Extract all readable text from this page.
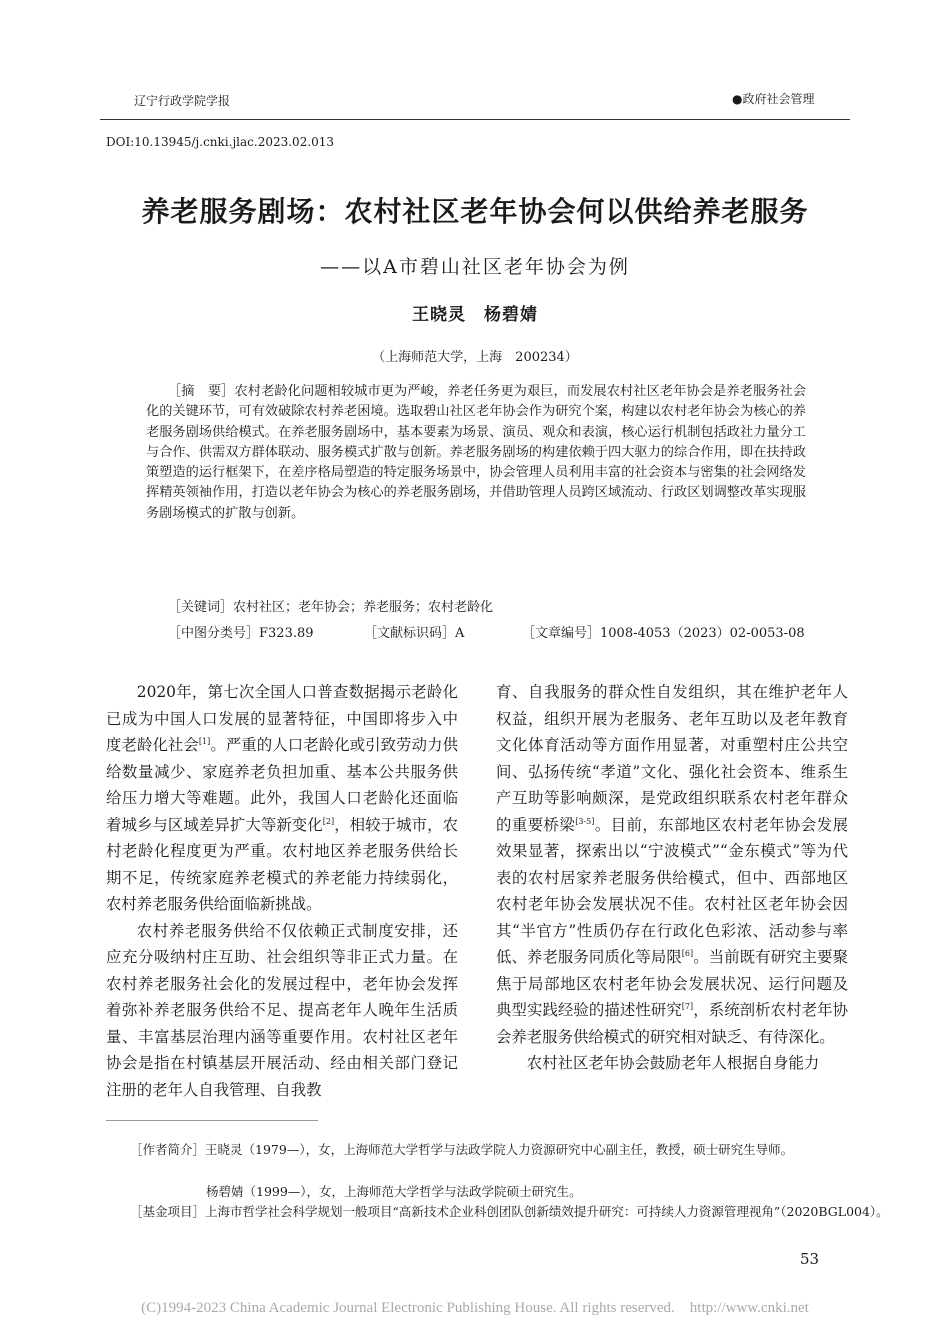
辽宁行政学院学报	●政府社会管理
DOI:10.13945/j.cnki.jlac.2023.02.013
养老服务剧场：农村社区老年协会何以供给养老服务
——以A市碧山社区老年协会为例
王晓灵　杨碧婧
（上海师范大学，上海　200234）
［摘　要］农村老龄化问题相较城市更为严峻，养老任务更为艰巨，而发展农村社区老年协会是养老服务社会化的关键环节，可有效破除农村养老困境。选取碧山社区老年协会作为研究个案，构建以农村老年协会为核心的养老服务剧场供给模式。在养老服务剧场中，基本要素为场景、演员、观众和表演，核心运行机制包括政社力量分工与合作、供需双方群体联动、服务模式扩散与创新。养老服务剧场的构建依赖于四大驱力的综合作用，即在扶持政策塑造的运行框架下，在差序格局塑造的特定服务场景中，协会管理人员利用丰富的社会资本与密集的社会网络发挥精英领袖作用，打造以老年协会为核心的养老服务剧场，并借助管理人员跨区域流动、行政区划调整改革实现服务剧场模式的扩散与创新。
［关键词］农村社区；老年协会；养老服务；农村老龄化
［中图分类号］F323.89	［文献标识码］A	［文章编号］1008-4053（2023）02-0053-08

2020年，第七次全国人口普查数据揭示老龄化已成为中国人口发展的显著特征，中国即将步入中度老龄化社会[1]。严重的人口老龄化或引致劳动力供给数量减少、家庭养老负担加重、基本公共服务供给压力增大等难题。此外，我国人口老龄化还面临着城乡与区域差异扩大等新变化[2]，相较于城市，农村老龄化程度更为严重。农村地区养老服务供给长期不足，传统家庭养老模式的养老能力持续弱化，农村养老服务供给面临新挑战。

农村养老服务供给不仅依赖正式制度安排，还应充分吸纳村庄互助、社会组织等非正式力量。在农村养老服务社会化的发展过程中，老年协会发挥着弥补养老服务供给不足、提高老年人晚年生活质量、丰富基层治理内涵等重要作用。农村社区老年协会是指在村镇基层开展活动、经由相关部门登记注册的老年人自我管理、自我教

育、自我服务的群众性自发组织，其在维护老年人权益，组织开展为老服务、老年互助以及老年教育文化体育活动等方面作用显著，对重塑村庄公共空间、弘扬传统“孝道”文化、强化社会资本、维系生产互助等影响颇深，是党政组织联系农村老年群众的重要桥梁[3-5]。目前，东部地区农村老年协会发展效果显著，探索出以“宁波模式”“金东模式”等为代表的农村居家养老服务供给模式，但中、西部地区农村老年协会发展状况不佳。农村社区老年协会因其“半官方”性质仍存在行政化色彩浓、活动参与率低、养老服务同质化等局限[6]。当前既有研究主要聚焦于局部地区农村老年协会发展状况、运行问题及典型实践经验的描述性研究[7]，系统剖析农村老年协会养老服务供给模式的研究相对缺乏、有待深化。

农村社区老年协会鼓励老年人根据自身能力

［作者简介］王晓灵（1979—），女，上海师范大学哲学与法政学院人力资源研究中心副主任，教授，硕士研究生导师。
杨碧婧（1999—），女，上海师范大学哲学与法政学院硕士研究生。
［基金项目］上海市哲学社会科学规划一般项目“高新技术企业科创团队创新绩效提升研究：可持续人力资源管理视角”（2020BGL004）。
53
(C)1994-2023 China Academic Journal Electronic Publishing House. All rights reserved.　http://www.cnki.net
